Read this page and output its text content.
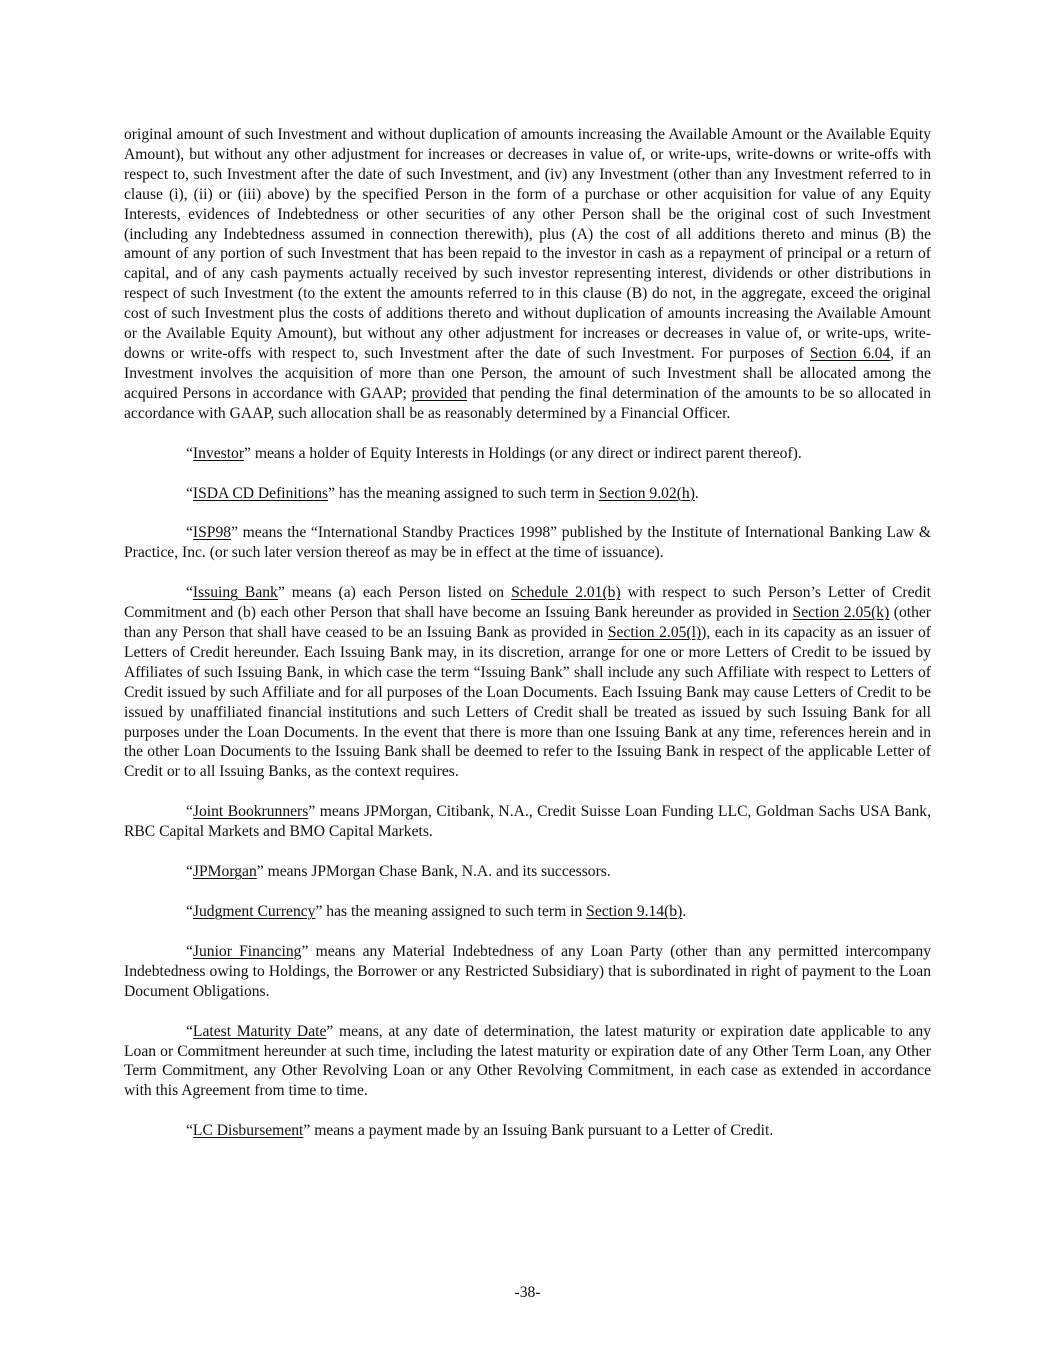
original amount of such Investment and without duplication of amounts increasing the Available Amount or the Available Equity Amount), but without any other adjustment for increases or decreases in value of, or write-ups, write-downs or write-offs with respect to, such Investment after the date of such Investment, and (iv) any Investment (other than any Investment referred to in clause (i), (ii) or (iii) above) by the specified Person in the form of a purchase or other acquisition for value of any Equity Interests, evidences of Indebtedness or other securities of any other Person shall be the original cost of such Investment (including any Indebtedness assumed in connection therewith), plus (A) the cost of all additions thereto and minus (B) the amount of any portion of such Investment that has been repaid to the investor in cash as a repayment of principal or a return of capital, and of any cash payments actually received by such investor representing interest, dividends or other distributions in respect of such Investment (to the extent the amounts referred to in this clause (B) do not, in the aggregate, exceed the original cost of such Investment plus the costs of additions thereto and without duplication of amounts increasing the Available Amount or the Available Equity Amount), but without any other adjustment for increases or decreases in value of, or write-ups, write-downs or write-offs with respect to, such Investment after the date of such Investment. For purposes of Section 6.04, if an Investment involves the acquisition of more than one Person, the amount of such Investment shall be allocated among the acquired Persons in accordance with GAAP; provided that pending the final determination of the amounts to be so allocated in accordance with GAAP, such allocation shall be as reasonably determined by a Financial Officer.

“Investor” means a holder of Equity Interests in Holdings (or any direct or indirect parent thereof).

“ISDA CD Definitions” has the meaning assigned to such term in Section 9.02(h).

“ISP98” means the “International Standby Practices 1998” published by the Institute of International Banking Law & Practice, Inc. (or such later version thereof as may be in effect at the time of issuance).

“Issuing Bank” means (a) each Person listed on Schedule 2.01(b) with respect to such Person’s Letter of Credit Commitment and (b) each other Person that shall have become an Issuing Bank hereunder as provided in Section 2.05(k) (other than any Person that shall have ceased to be an Issuing Bank as provided in Section 2.05(l)), each in its capacity as an issuer of Letters of Credit hereunder. Each Issuing Bank may, in its discretion, arrange for one or more Letters of Credit to be issued by Affiliates of such Issuing Bank, in which case the term “Issuing Bank” shall include any such Affiliate with respect to Letters of Credit issued by such Affiliate and for all purposes of the Loan Documents. Each Issuing Bank may cause Letters of Credit to be issued by unaffiliated financial institutions and such Letters of Credit shall be treated as issued by such Issuing Bank for all purposes under the Loan Documents. In the event that there is more than one Issuing Bank at any time, references herein and in the other Loan Documents to the Issuing Bank shall be deemed to refer to the Issuing Bank in respect of the applicable Letter of Credit or to all Issuing Banks, as the context requires.

“Joint Bookrunners” means JPMorgan, Citibank, N.A., Credit Suisse Loan Funding LLC, Goldman Sachs USA Bank, RBC Capital Markets and BMO Capital Markets.

“JPMorgan” means JPMorgan Chase Bank, N.A. and its successors.

“Judgment Currency” has the meaning assigned to such term in Section 9.14(b).

“Junior Financing” means any Material Indebtedness of any Loan Party (other than any permitted intercompany Indebtedness owing to Holdings, the Borrower or any Restricted Subsidiary) that is subordinated in right of payment to the Loan Document Obligations.

“Latest Maturity Date” means, at any date of determination, the latest maturity or expiration date applicable to any Loan or Commitment hereunder at such time, including the latest maturity or expiration date of any Other Term Loan, any Other Term Commitment, any Other Revolving Loan or any Other Revolving Commitment, in each case as extended in accordance with this Agreement from time to time.

“LC Disbursement” means a payment made by an Issuing Bank pursuant to a Letter of Credit.

-38-
